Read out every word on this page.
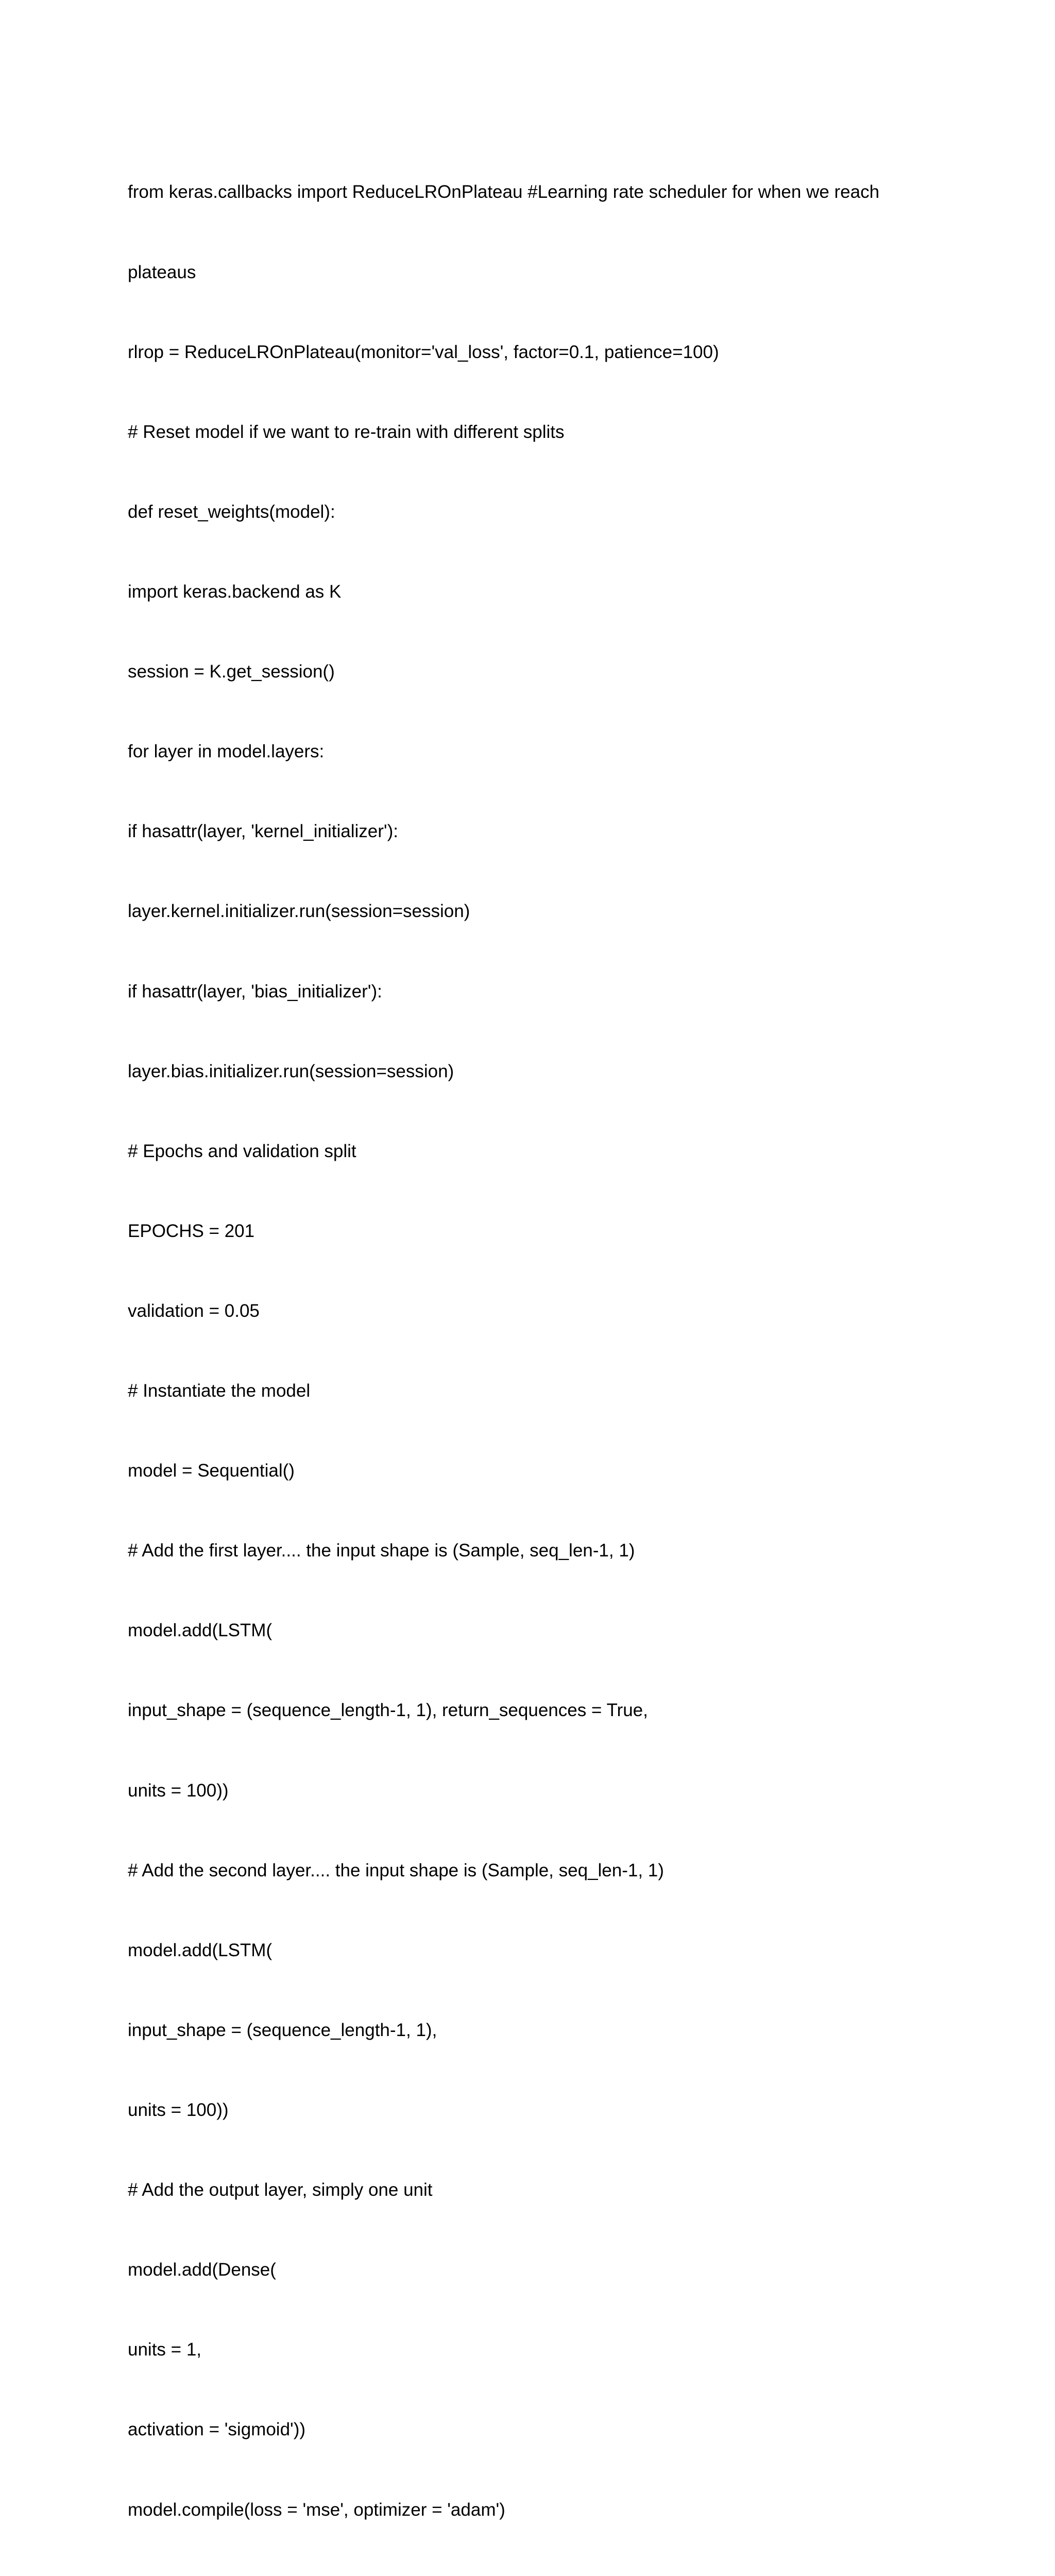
from keras.callbacks import ReduceLROnPlateau #Learning rate scheduler for when we reach

plateaus

rlrop = ReduceLROnPlateau(monitor='val_loss', factor=0.1, patience=100)

# Reset model if we want to re-train with different splits

def reset_weights(model):

import keras.backend as K

session = K.get_session()

for layer in model.layers:

if hasattr(layer, 'kernel_initializer'):

layer.kernel.initializer.run(session=session)

if hasattr(layer, 'bias_initializer'):

layer.bias.initializer.run(session=session)

# Epochs and validation split

EPOCHS = 201

validation = 0.05

# Instantiate the model

model = Sequential()

# Add the first layer.... the input shape is (Sample, seq_len-1, 1)

model.add(LSTM(

input_shape = (sequence_length-1, 1), return_sequences = True,

units = 100))

# Add the second layer.... the input shape is (Sample, seq_len-1, 1)

model.add(LSTM(

input_shape = (sequence_length-1, 1),

units = 100))

# Add the output layer, simply one unit

model.add(Dense(

units = 1,

activation = 'sigmoid'))

model.compile(loss = 'mse', optimizer = 'adam')
